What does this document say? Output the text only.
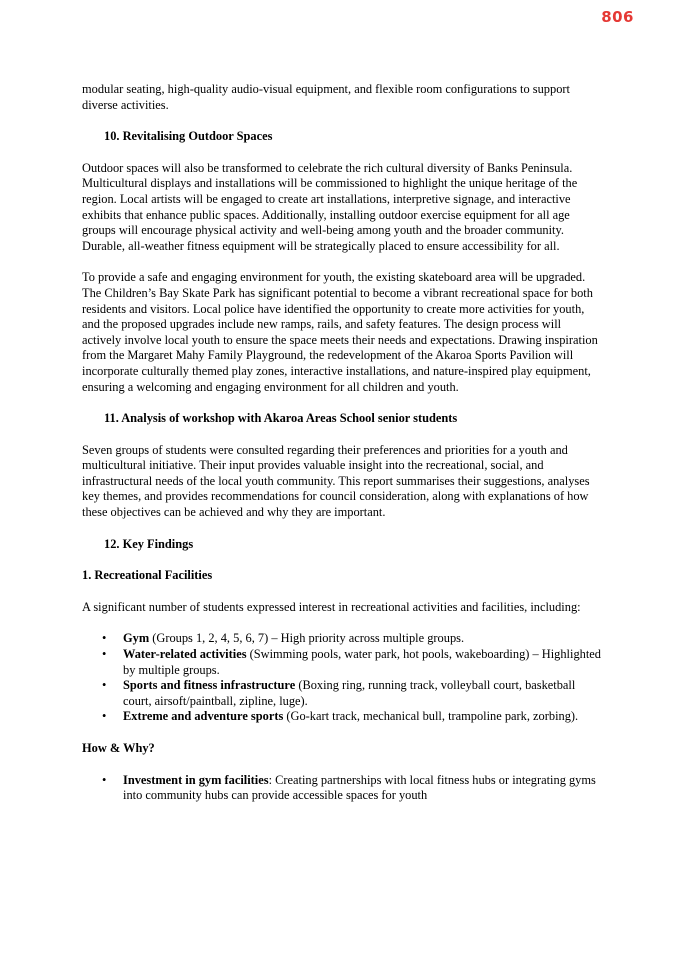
806

modular seating, high-quality audio-visual equipment, and flexible room configurations to support diverse activities.

10. Revitalising Outdoor Spaces

Outdoor spaces will also be transformed to celebrate the rich cultural diversity of Banks Peninsula. Multicultural displays and installations will be commissioned to highlight the unique heritage of the region. Local artists will be engaged to create art installations, interpretive signage, and interactive exhibits that enhance public spaces. Additionally, installing outdoor exercise equipment for all age groups will encourage physical activity and well-being among youth and the broader community. Durable, all-weather fitness equipment will be strategically placed to ensure accessibility for all.

To provide a safe and engaging environment for youth, the existing skateboard area will be upgraded. The Children’s Bay Skate Park has significant potential to become a vibrant recreational space for both residents and visitors. Local police have identified the opportunity to create more activities for youth, and the proposed upgrades include new ramps, rails, and safety features. The design process will actively involve local youth to ensure the space meets their needs and expectations. Drawing inspiration from the Margaret Mahy Family Playground, the redevelopment of the Akaroa Sports Pavilion will incorporate culturally themed play zones, interactive installations, and nature-inspired play equipment, ensuring a welcoming and engaging environment for all children and youth.

11. Analysis of workshop with Akaroa Areas School senior students

Seven groups of students were consulted regarding their preferences and priorities for a youth and multicultural initiative. Their input provides valuable insight into the recreational, social, and infrastructural needs of the local youth community. This report summarises their suggestions, analyses key themes, and provides recommendations for council consideration, along with explanations of how these objectives can be achieved and why they are important.

12. Key Findings
1. Recreational Facilities

A significant number of students expressed interest in recreational activities and facilities, including:

• Gym (Groups 1, 2, 4, 5, 6, 7) – High priority across multiple groups.
• Water-related activities (Swimming pools, water park, hot pools, wakeboarding) – Highlighted by multiple groups.
• Sports and fitness infrastructure (Boxing ring, running track, volleyball court, basketball court, airsoft/paintball, zipline, luge).
• Extreme and adventure sports (Go-kart track, mechanical bull, trampoline park, zorbing).
How & Why?
• Investment in gym facilities: Creating partnerships with local fitness hubs or integrating gyms into community hubs can provide accessible spaces for youth
